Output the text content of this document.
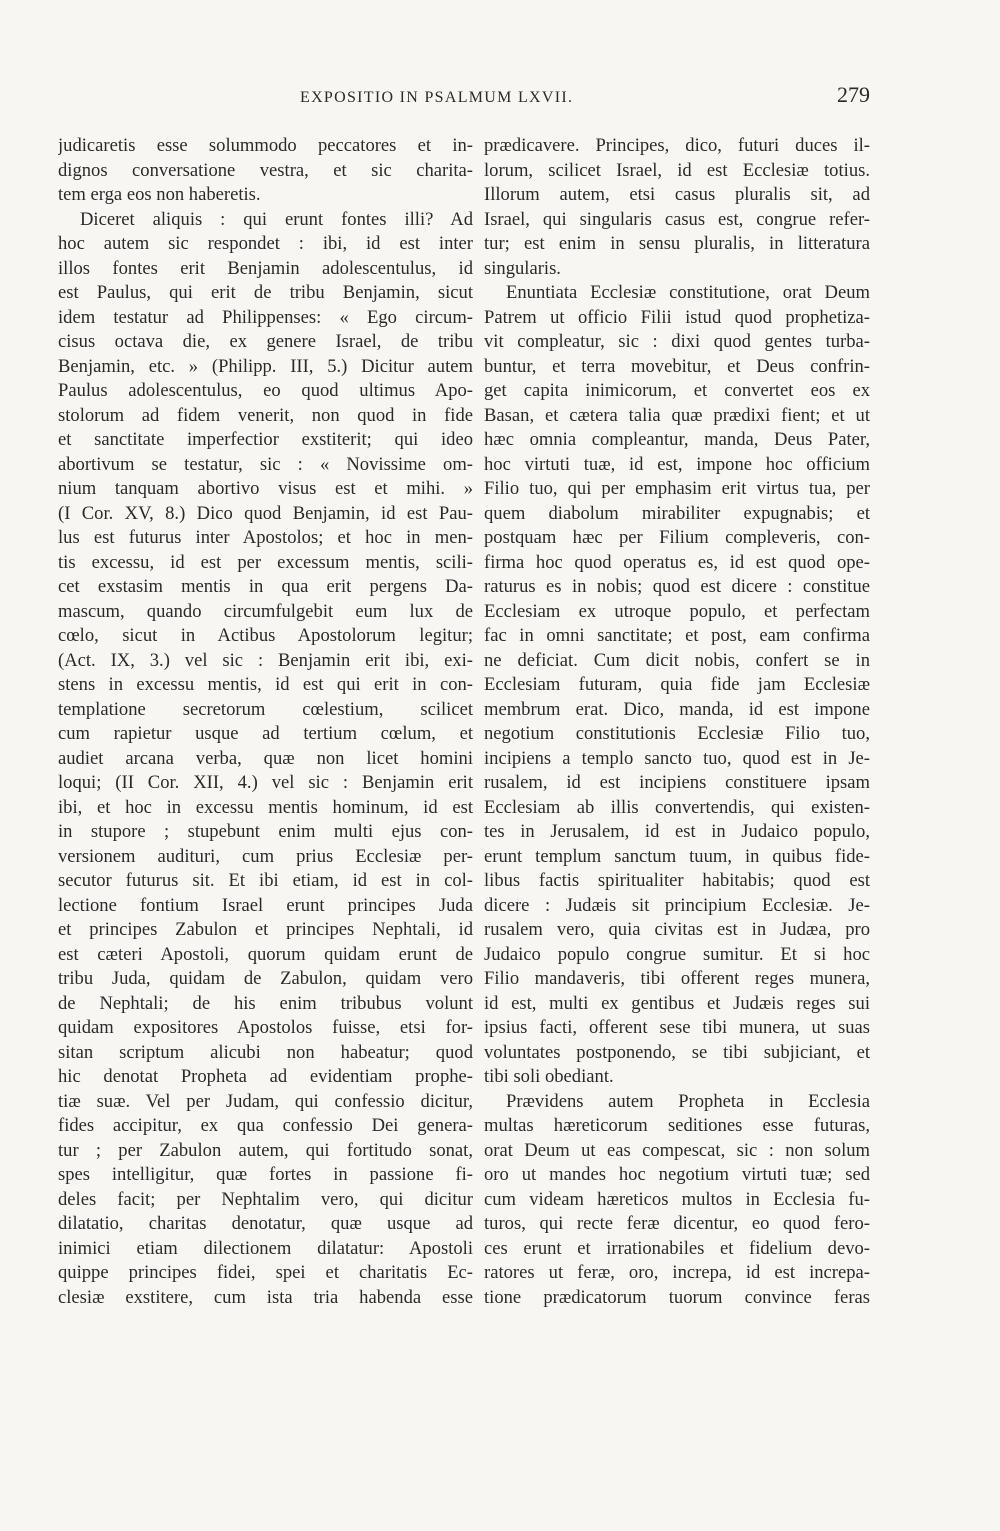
EXPOSITIO IN PSALMUM LXVII.	279
judicaretis esse solummodo peccatores et in-
dignos conversatione vestra, et sic charita-
tem erga eos non haberetis.
Diceret aliquis : qui erunt fontes illi? Ad
hoc autem sic respondet : ibi, id est inter
illos fontes erit Benjamin adolescentulus, id
est Paulus, qui erit de tribu Benjamin, sicut
idem testatur ad Philippenses: « Ego circum-
cisus octava die, ex genere Israel, de tribu
Benjamin, etc. » (Philipp. III, 5.) Dicitur autem
Paulus adolescentulus, eo quod ultimus Apo-
stolorum ad fidem venerit, non quod in fide
et sanctitate imperfectior exstiterit; qui ideo
abortivum se testatur, sic : « Novissime om-
nium tanquam abortivo visus est et mihi. »
(I Cor. XV, 8.) Dico quod Benjamin, id est Pau-
lus est futurus inter Apostolos; et hoc in men-
tis excessu, id est per excessum mentis, scili-
cet exstasim mentis in qua erit pergens Da-
mascum, quando circumfulgebit eum lux de
cœlo, sicut in Actibus Apostolorum legitur;
(Act. IX, 3.) vel sic : Benjamin erit ibi, exi-
stens in excessu mentis, id est qui erit in con-
templatione secretorum cœlestium, scilicet
cum rapietur usque ad tertium cœlum, et
audiet arcana verba, quæ non licet homini
loqui; (II Cor. XII, 4.) vel sic : Benjamin erit
ibi, et hoc in excessu mentis hominum, id est
in stupore ; stupebunt enim multi ejus con-
versionem audituri, cum prius Ecclesiæ per-
secutor futurus sit. Et ibi etiam, id est in col-
lectione fontium Israel erunt principes Juda
et principes Zabulon et principes Nephtali, id
est cæteri Apostoli, quorum quidam erunt de
tribu Juda, quidam de Zabulon, quidam vero
de Nephtali; de his enim tribubus volunt
quidam expositores Apostolos fuisse, etsi for-
sitan scriptum alicubi non habeatur; quod
hic denotat Propheta ad evidentiam prophe-
tiæ suæ. Vel per Judam, qui confessio dicitur,
fides accipitur, ex qua confessio Dei genera-
tur ; per Zabulon autem, qui fortitudo sonat,
spes intelligitur, quæ fortes in passione fi-
deles facit; per Nephtalim vero, qui dicitur
dilatatio, charitas denotatur, quæ usque ad
inimici etiam dilectionem dilatatur: Apostoli
quippe principes fidei, spei et charitatis Ec-
clesiæ exstitere, cum ista tria habenda esse
prædicavere. Principes, dico, futuri duces il-
lorum, scilicet Israel, id est Ecclesiæ totius.
Illorum autem, etsi casus pluralis sit, ad
Israel, qui singularis casus est, congrue refer-
tur; est enim in sensu pluralis, in litteratura
singularis.
Enuntiata Ecclesiæ constitutione, orat Deum
Patrem ut officio Filii istud quod prophetiza-
vit compleatur, sic : dixi quod gentes turba-
buntur, et terra movebitur, et Deus confrin-
get capita inimicorum, et convertet eos ex
Basan, et cætera talia quæ prædixi fient; et ut
hæc omnia compleantur, manda, Deus Pater,
hoc virtuti tuæ, id est, impone hoc officium
Filio tuo, qui per emphasim erit virtus tua, per
quem diabolum mirabiliter expugnabis; et
postquam hæc per Filium compleveris, con-
firma hoc quod operatus es, id est quod ope-
raturus es in nobis; quod est dicere : constitue
Ecclesiam ex utroque populo, et perfectam
fac in omni sanctitate; et post, eam confirma
ne deficiat. Cum dicit nobis, confert se in
Ecclesiam futuram, quia fide jam Ecclesiæ
membrum erat. Dico, manda, id est impone
negotium constitutionis Ecclesiæ Filio tuo,
incipiens a templo sancto tuo, quod est in Je-
rusalem, id est incipiens constituere ipsam
Ecclesiam ab illis convertendis, qui existen-
tes in Jerusalem, id est in Judaico populo,
erunt templum sanctum tuum, in quibus fide-
libus factis spiritualiter habitabis; quod est
dicere : Judæis sit principium Ecclesiæ. Je-
rusalem vero, quia civitas est in Judæa, pro
Judaico populo congrue sumitur. Et si hoc
Filio mandaveris, tibi offerent reges munera,
id est, multi ex gentibus et Judæis reges sui
ipsius facti, offerent sese tibi munera, ut suas
voluntates postponendo, se tibi subjiciant, et
tibi soli obediant.
Prævidens autem Propheta in Ecclesia
multas hæreticorum seditiones esse futuras,
orat Deum ut eas compescat, sic : non solum
oro ut mandes hoc negotium virtuti tuæ; sed
cum videam hæreticos multos in Ecclesia fu-
turos, qui recte feræ dicentur, eo quod fero-
ces erunt et irrationabiles et fidelium devo-
ratores ut feræ, oro, increpa, id est increpa-
tione prædicatorum tuorum convince feras
